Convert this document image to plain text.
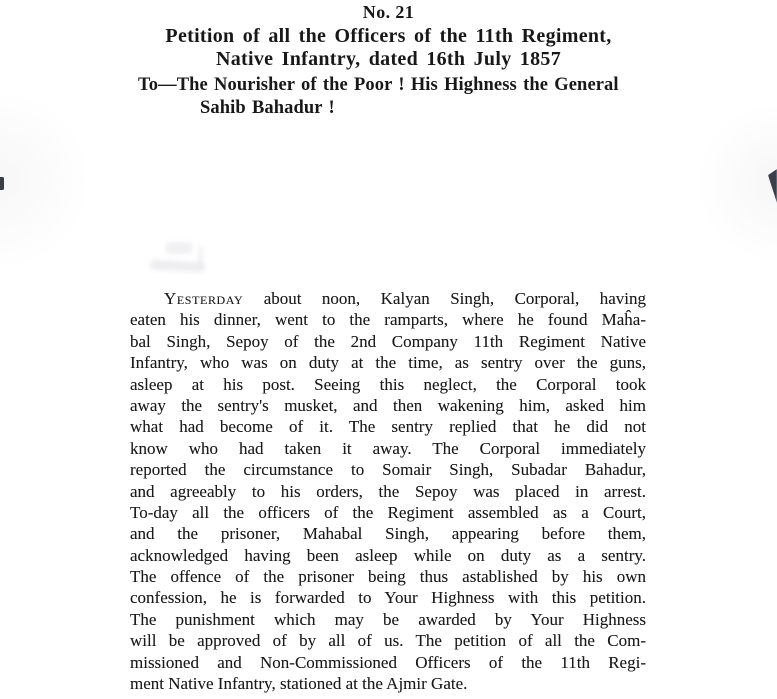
No. 21
Petition of all the Officers of the 11th Regiment,
Native Infantry, dated 16th July 1857
To—The Nourisher of the Poor ! His Highness the General
Sahib Bahadur !
Yesterday about noon, Kalyan Singh, Corporal, having
eaten his dinner, went to the ramparts, where he found Maĥa-
bal Singh, Sepoy of the 2nd Company 11th Regiment Native
Infantry, who was on duty at the time, as sentry over the guns,
asleep at his post. Seeing this neglect, the Corporal took
away the sentry's musket, and then wakening him, asked him
what had become of it. The sentry replied that he did not
know who had taken it away. The Corporal immediately
reported the circumstance to Somair Singh, Subadar Bahadur,
and agreeably to his orders, the Sepoy was placed in arrest.
To-day all the officers of the Regiment assembled as a Court,
and the prisoner, Mahabal Singh, appearing before them,
acknowledged having been asleep while on duty as a sentry.
The offence of the prisoner being thus astablished by his own
confession, he is forwarded to Your Highness with this petition.
The punishment which may be awarded by Your Highness
will be approved of by all of us. The petition of all the Com-
missioned and Non-Commissioned Officers of the 11th Regi-
ment Native Infantry, stationed at the Ajmir Gate.
